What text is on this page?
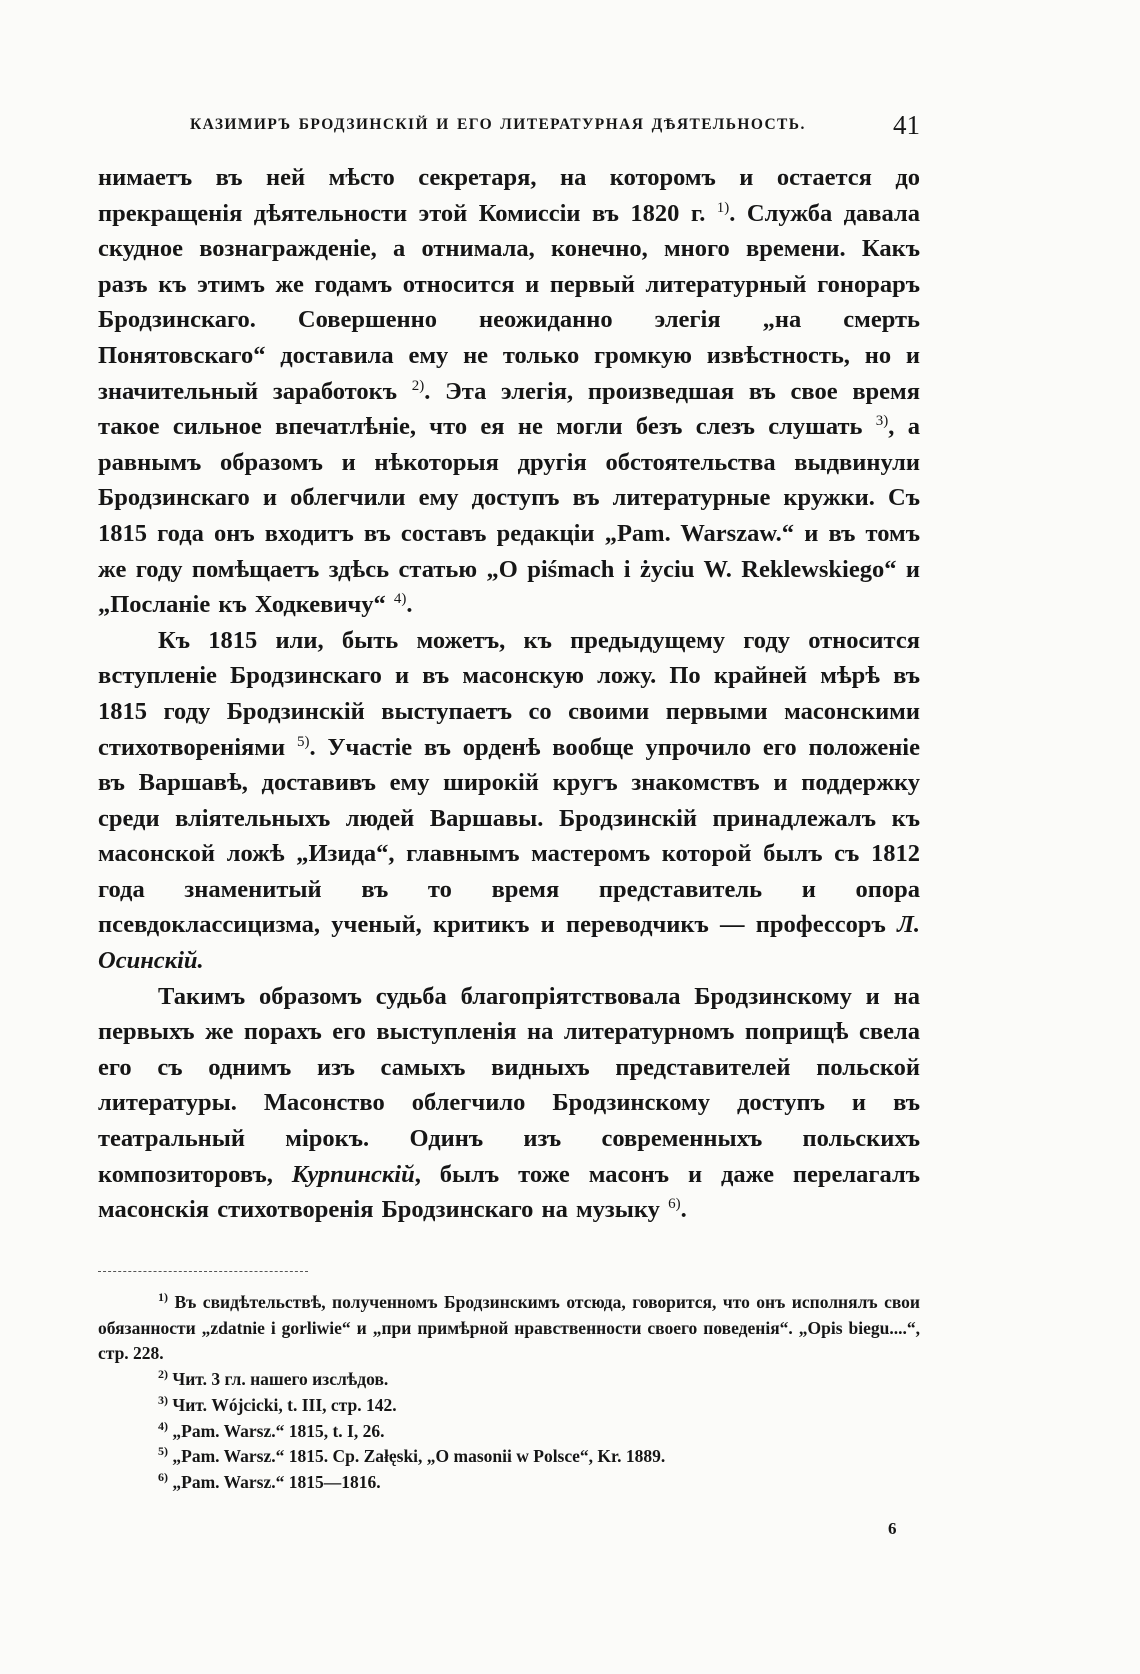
КАЗИМИРЪ БРОДЗИНСКІЙ И ЕГО ЛИТЕРАТУРНАЯ ДѢЯТЕЛЬНОСТЬ.	41

нимаетъ въ ней мѣсто секретаря, на которомъ и остается до прекращенія дѣятельности этой Комиссіи въ 1820 г. $^{1)}$. Служба давала скудное вознагражденіе, а отнимала, конечно, много времени. Какъ разъ къ этимъ же годамъ относится и первый литературный гонораръ Бродзинскаго. Совершенно неожиданно элегія „на смерть Понятовскаго“ доставила ему не только громкую извѣстность, но и значительный заработокъ $^{2)}$. Эта элегія, произведшая въ свое время такое сильное впечатлѣніе, что ея не могли безъ слезъ слушать $^{3)}$, а равнымъ образомъ и нѣкоторыя другія обстоятельства выдвинули Бродзинскаго и облегчили ему доступъ въ литературные кружки. Съ 1815 года онъ входитъ въ составъ редакціи „Pam. Warszaw.“ и въ томъ же году помѣщаетъ здѣсь статью „O piśmach i życiu W. Reklewskiego“ и „Посланіе къ Ходкевичу“ $^{4)}$.

Къ 1815 или, быть можетъ, къ предыдущему году относится вступленіе Бродзинскаго и въ масонскую ложу. По крайней мѣрѣ въ 1815 году Бродзинскій выступаетъ со своими первыми масонскими стихотвореніями $^{5)}$. Участіе въ орденѣ вообще упрочило его положеніе въ Варшавѣ, доставивъ ему широкій кругъ знакомствъ и поддержку среди вліятельныхъ людей Варшавы. Бродзинскій принадлежалъ къ масонской ложѣ „Изида“, главнымъ мастеромъ которой былъ съ 1812 года знаменитый въ то время представитель и опора псевдоклассицизма, ученый, критикъ и переводчикъ — профессоръ Л. Осинскій.

Такимъ образомъ судьба благопріятствовала Бродзинскому и на первыхъ же порахъ его выступленія на литературномъ поприщѣ свела его съ однимъ изъ самыхъ видныхъ представителей польской литературы. Масонство облегчило Бродзинскому доступъ и въ театральный мірокъ. Одинъ изъ современныхъ польскихъ композиторовъ, Курпинскій, былъ тоже масонъ и даже перелагалъ масонскія стихотворенія Бродзинскаго на музыку $^{6)}$.

$^{1)}$ Въ свидѣтельствѣ, полученномъ Бродзинскимъ отсюда, говорится, что онъ исполнялъ свои обязанности „zdatnie i gorliwie“ и „при примѣрной нравственности своего поведенія“. „Opis biegu....“, стр. 228.

$^{2)}$ Чит. 3 гл. нашего изслѣдов.

$^{3)}$ Чит. Wójcicki, t. III, стр. 142.

$^{4)}$ „Pam. Warsz.“ 1815, t. I, 26.

$^{5)}$ „Pam. Warsz.“ 1815. Ср. Załęski, „O masonii w Polsce“, Kr. 1889.

$^{6)}$ „Pam. Warsz.“ 1815—1816.

6
